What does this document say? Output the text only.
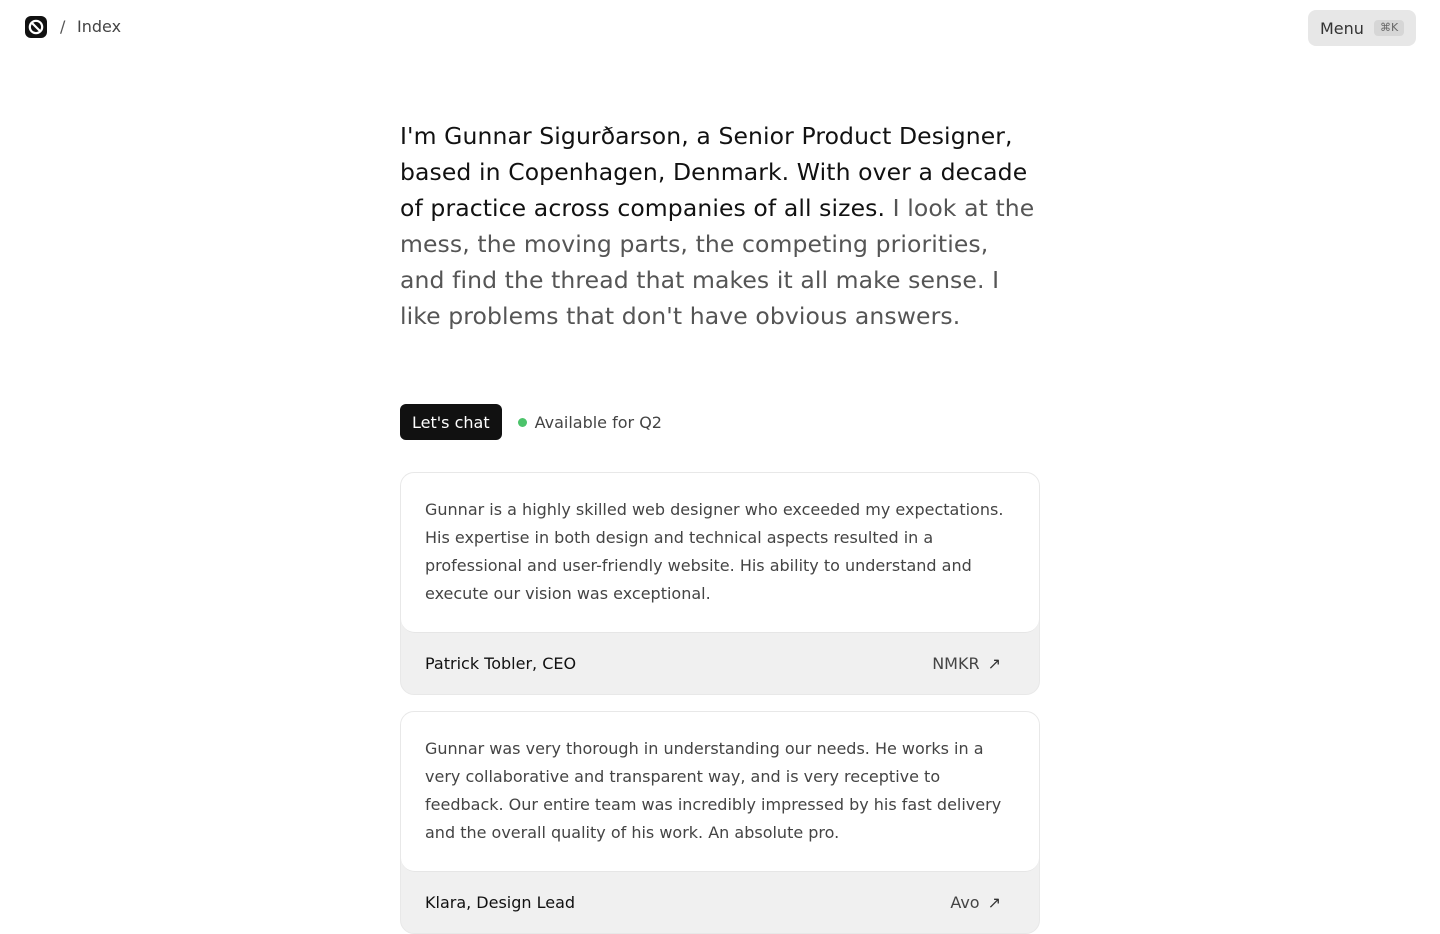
/ Index	Menu	⌘K

I'm Gunnar Sigurðarson, a Senior Product Designer, based in Copenhagen, Denmark. With over a decade of practice across companies of all sizes. I look at the mess, the moving parts, the competing priorities, and find the thread that makes it all make sense. I like problems that don't have obvious answers.

Let's chat	Available for Q2

Gunnar is a highly skilled web designer who exceeded my expectations. His expertise in both design and technical aspects resulted in a professional and user-friendly website. His ability to understand and execute our vision was exceptional.

Patrick Tobler, CEO	NMKR ↗

Gunnar was very thorough in understanding our needs. He works in a very collaborative and transparent way, and is very receptive to feedback. Our entire team was incredibly impressed by his fast delivery and the overall quality of his work. An absolute pro.

Klara, Design Lead	Avo ↗
